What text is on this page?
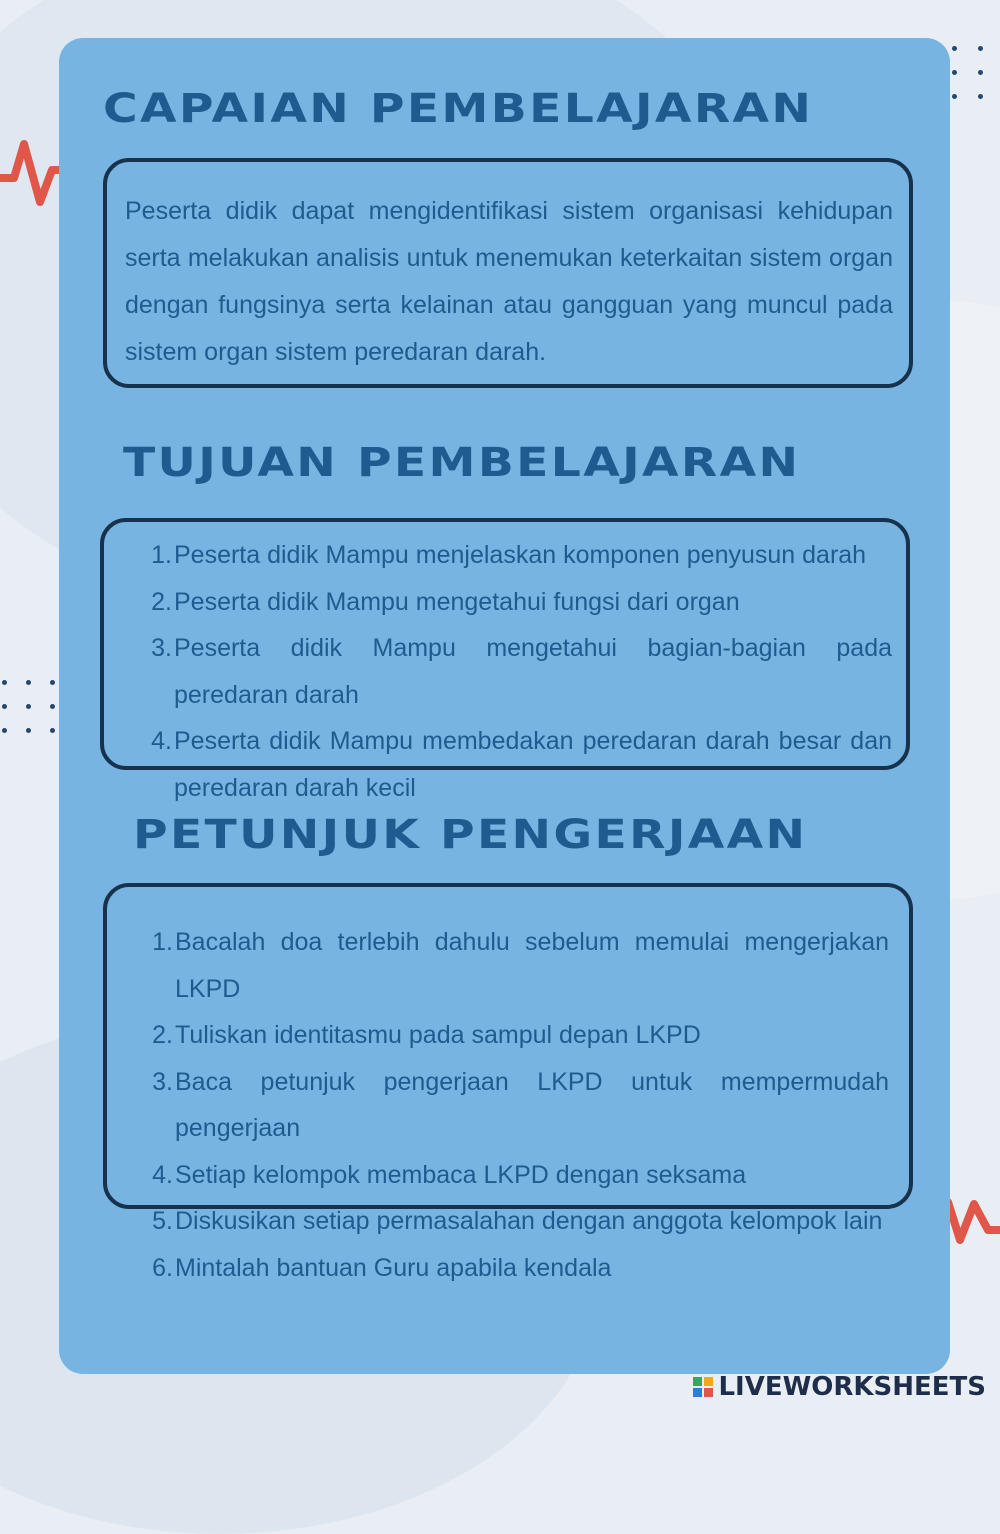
CAPAIAN PEMBELAJARAN

Peserta didik dapat mengidentifikasi sistem organisasi kehidupan serta melakukan analisis untuk menemukan keterkaitan sistem organ dengan fungsinya serta kelainan atau gangguan yang muncul pada sistem organ sistem peredaran darah.

TUJUAN PEMBELAJARAN
1. Peserta didik Mampu menjelaskan komponen penyusun darah
2. Peserta didik Mampu mengetahui fungsi dari organ
3. Peserta didik Mampu mengetahui bagian-bagian pada peredaran darah
4. Peserta didik Mampu membedakan peredaran darah besar dan peredaran darah kecil
PETUNJUK PENGERJAAN
1. Bacalah doa terlebih dahulu sebelum memulai mengerjakan LKPD
2. Tuliskan identitasmu pada sampul depan LKPD
3. Baca petunjuk pengerjaan LKPD untuk mempermudah pengerjaan
4. Setiap kelompok membaca LKPD dengan seksama
5. Diskusikan setiap permasalahan dengan anggota kelompok lain
6. Mintalah bantuan Guru apabila kendala
LIVEWORKSHEETS
